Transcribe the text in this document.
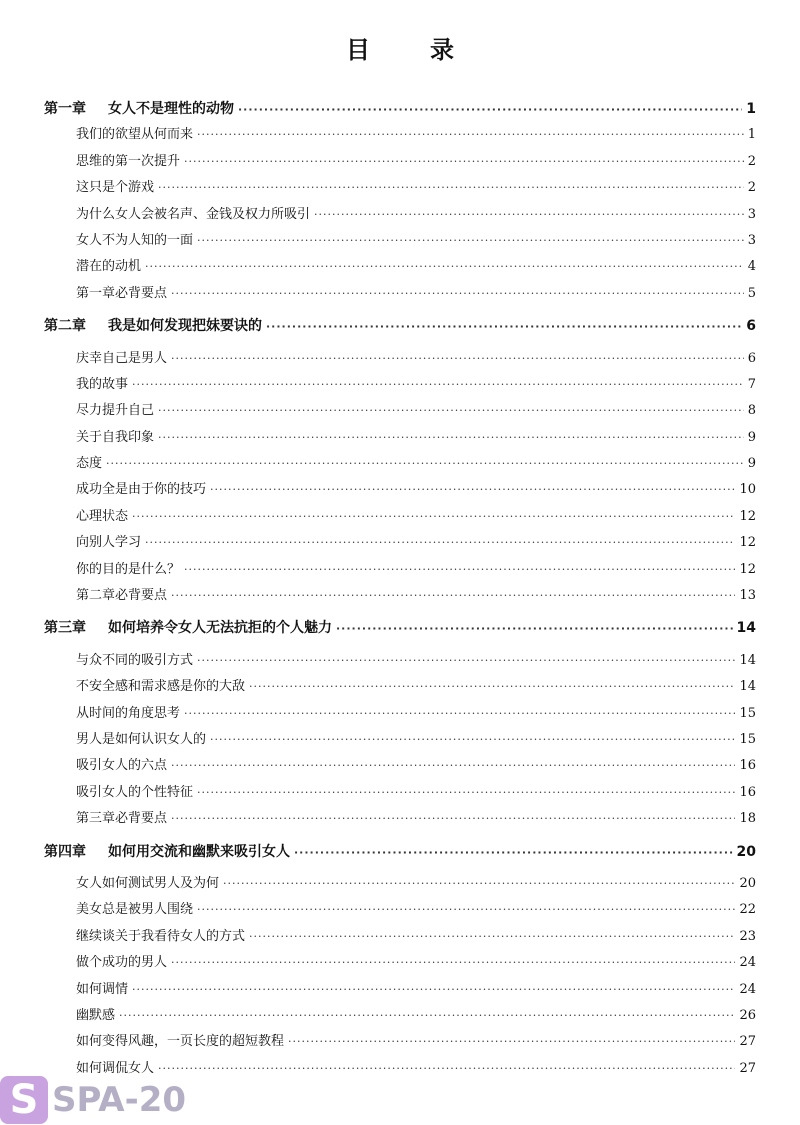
目　录
第一章 女人不是理性的动物 ·····	1
我们的欲望从何而来 ·····	1
思维的第一次提升 ·····	2
这只是个游戏 ·····	2
为什么女人会被名声、金钱及权力所吸引 ·····	3
女人不为人知的一面 ·····	3
潜在的动机 ·····	4
第一章必背要点 ·····	5
第二章 我是如何发现把妹要诀的 ·····	6
庆幸自己是男人 ·····	6
我的故事 ·····	7
尽力提升自己 ·····	8
关于自我印象 ·····	9
态度 ·····	9
成功全是由于你的技巧 ·····	10
心理状态 ·····	12
向别人学习 ·····	12
你的目的是什么？ ·····	12
第二章必背要点 ·····	13
第三章 如何培养令女人无法抗拒的个人魅力 ·····	14
与众不同的吸引方式 ·····	14
不安全感和需求感是你的大敌 ·····	14
从时间的角度思考 ·····	15
男人是如何认识女人的 ·····	15
吸引女人的六点 ·····	16
吸引女人的个性特征 ·····	16
第三章必背要点 ·····	18
第四章 如何用交流和幽默来吸引女人 ·····	20
女人如何测试男人及为何 ·····	20
美女总是被男人围绕 ·····	22
继续谈关于我看待女人的方式 ·····	23
做个成功的男人 ·····	24
如何调情 ·····	24
幽默感 ·····	26
如何变得风趣，一页长度的超短教程 ·····	27
如何调侃女人 ·····	27
S SPA-20
